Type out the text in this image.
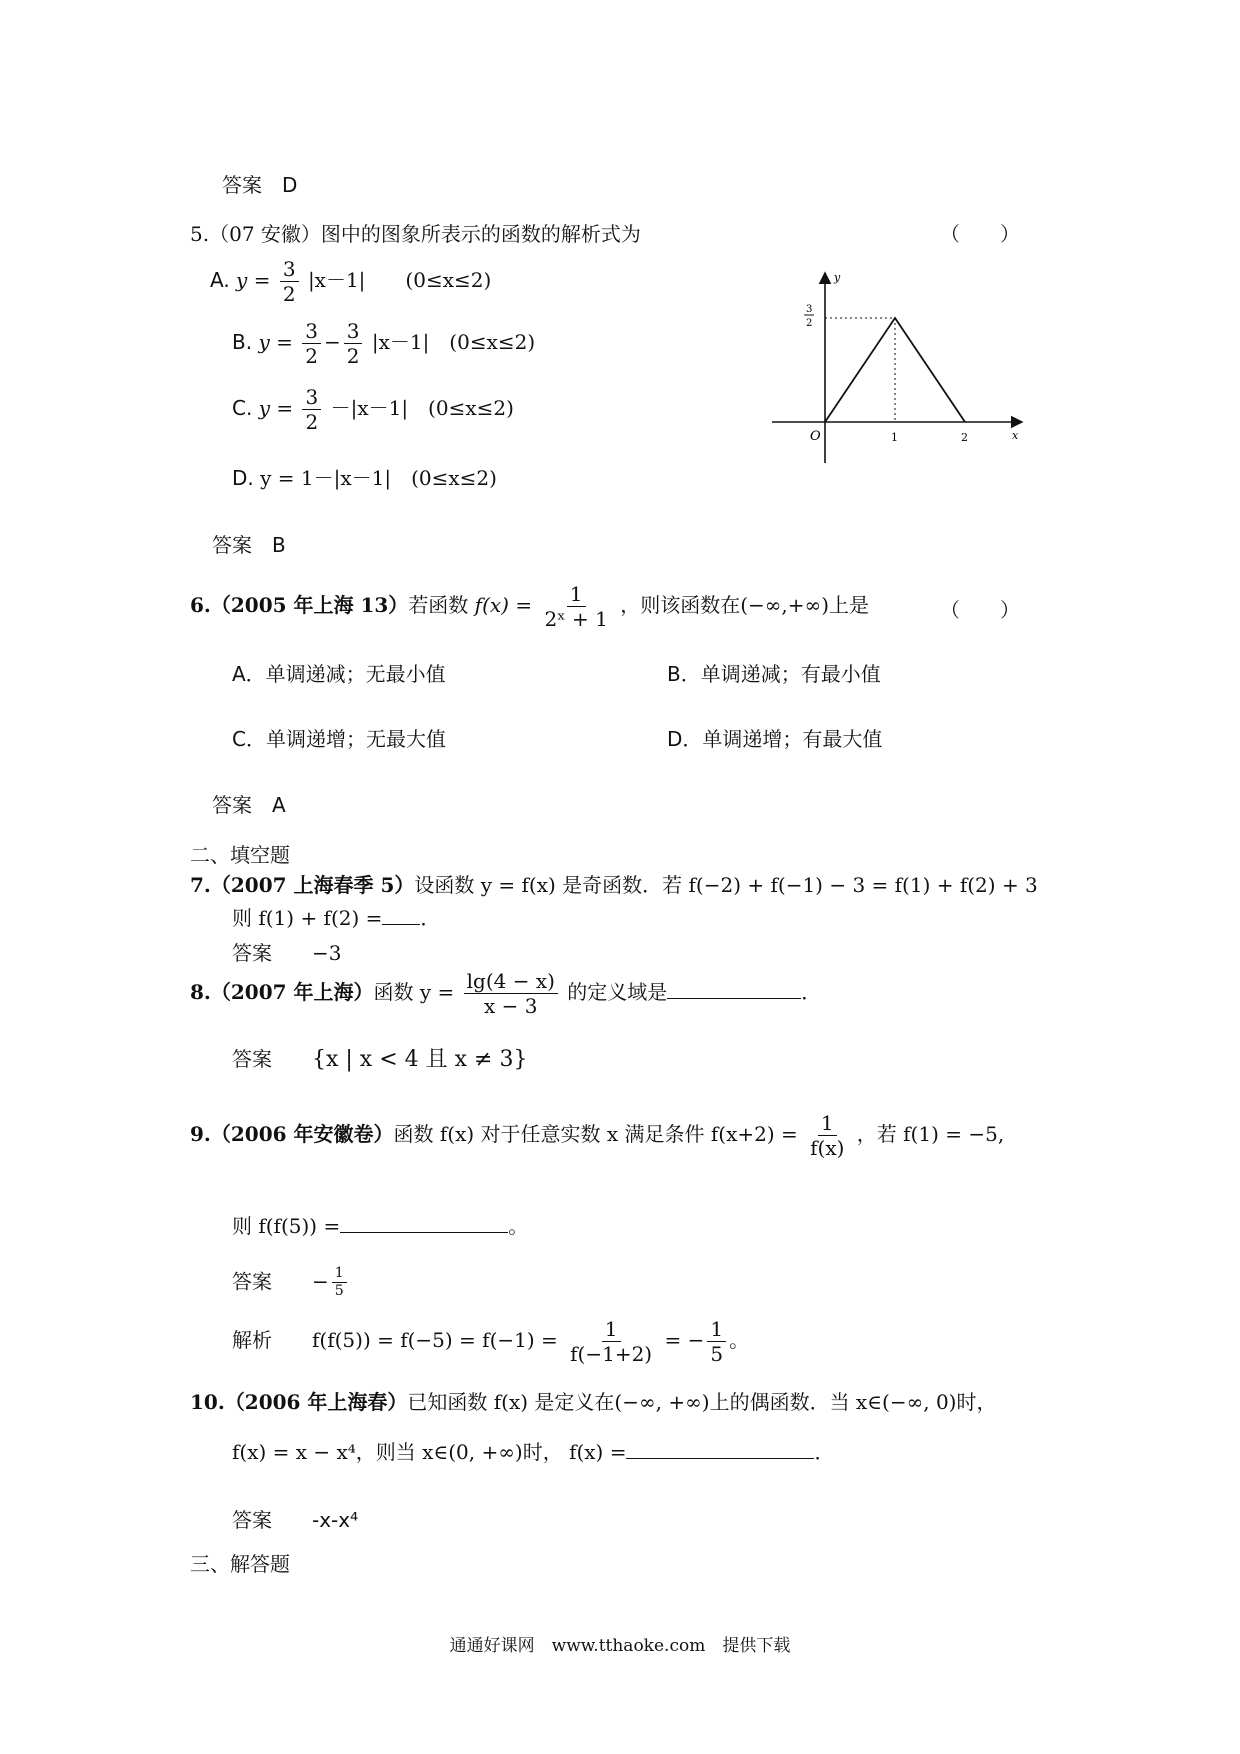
答案　D
5.（07 安徽）图中的图象所表示的函数的解析式为	（　　）
A. $y = \frac{3}{2} |x-1|$　　(0≤x≤2)
B. $y = \frac{3}{2} - \frac{3}{2} |x-1|$　(0≤x≤2)
C. $y = \frac{3}{2} -|x-1|$　(0≤x≤2)
D. y = 1－|x－1|　(0≤x≤2)
答案　B
y
x
O	1	2
3
2
6.（2005 年上海 13）若函数 $f(x) = \frac{1}{\text{2ˣ + 1}}$ ，则该函数在(−∞,+∞)上是	（　　）
A．单调递减；无最小值	B．单调递减；有最小值
C．单调递增；无最大值	D．单调递增；有最大值
答案　A
二、填空题
7.（2007 上海春季 5）设函数 y = f(x) 是奇函数．若 f(−2) + f(−1) − 3 = f(1) + f(2) + 3
则 f(1) + f(2) = ．
答案　　 −3
8.（2007 年上海）函数 $y = \frac{\lg(4 - x)}{x - 3}$ 的定义域是	．
答案　　 {x | x < 4 且 x ≠ 3}
9.（2006 年安徽卷）函数 f(x) 对于任意实数 x 满足条件 $f(x+2) = \frac{1}{f(x)}$ ，若 f(1) = −5,
则 f(f(5)) =	。
答案　　 − $\frac{1}{5}$
解析　　 $f(f(5)) = f(-5) = f(-1) = \frac{1}{f(-1+2)}$ = − $\frac{1}{5}$ 。
10.（2006 年上海春）已知函数 f(x) 是定义在(−∞, +∞)上的偶函数．当 x∈(−∞, 0)时，
f(x) = x − x⁴，则当 x∈(0, +∞)时， f(x) =	．
答案　　 -x-x⁴
三、解答题
通通好课网　www.tthaoke.com　提供下载
